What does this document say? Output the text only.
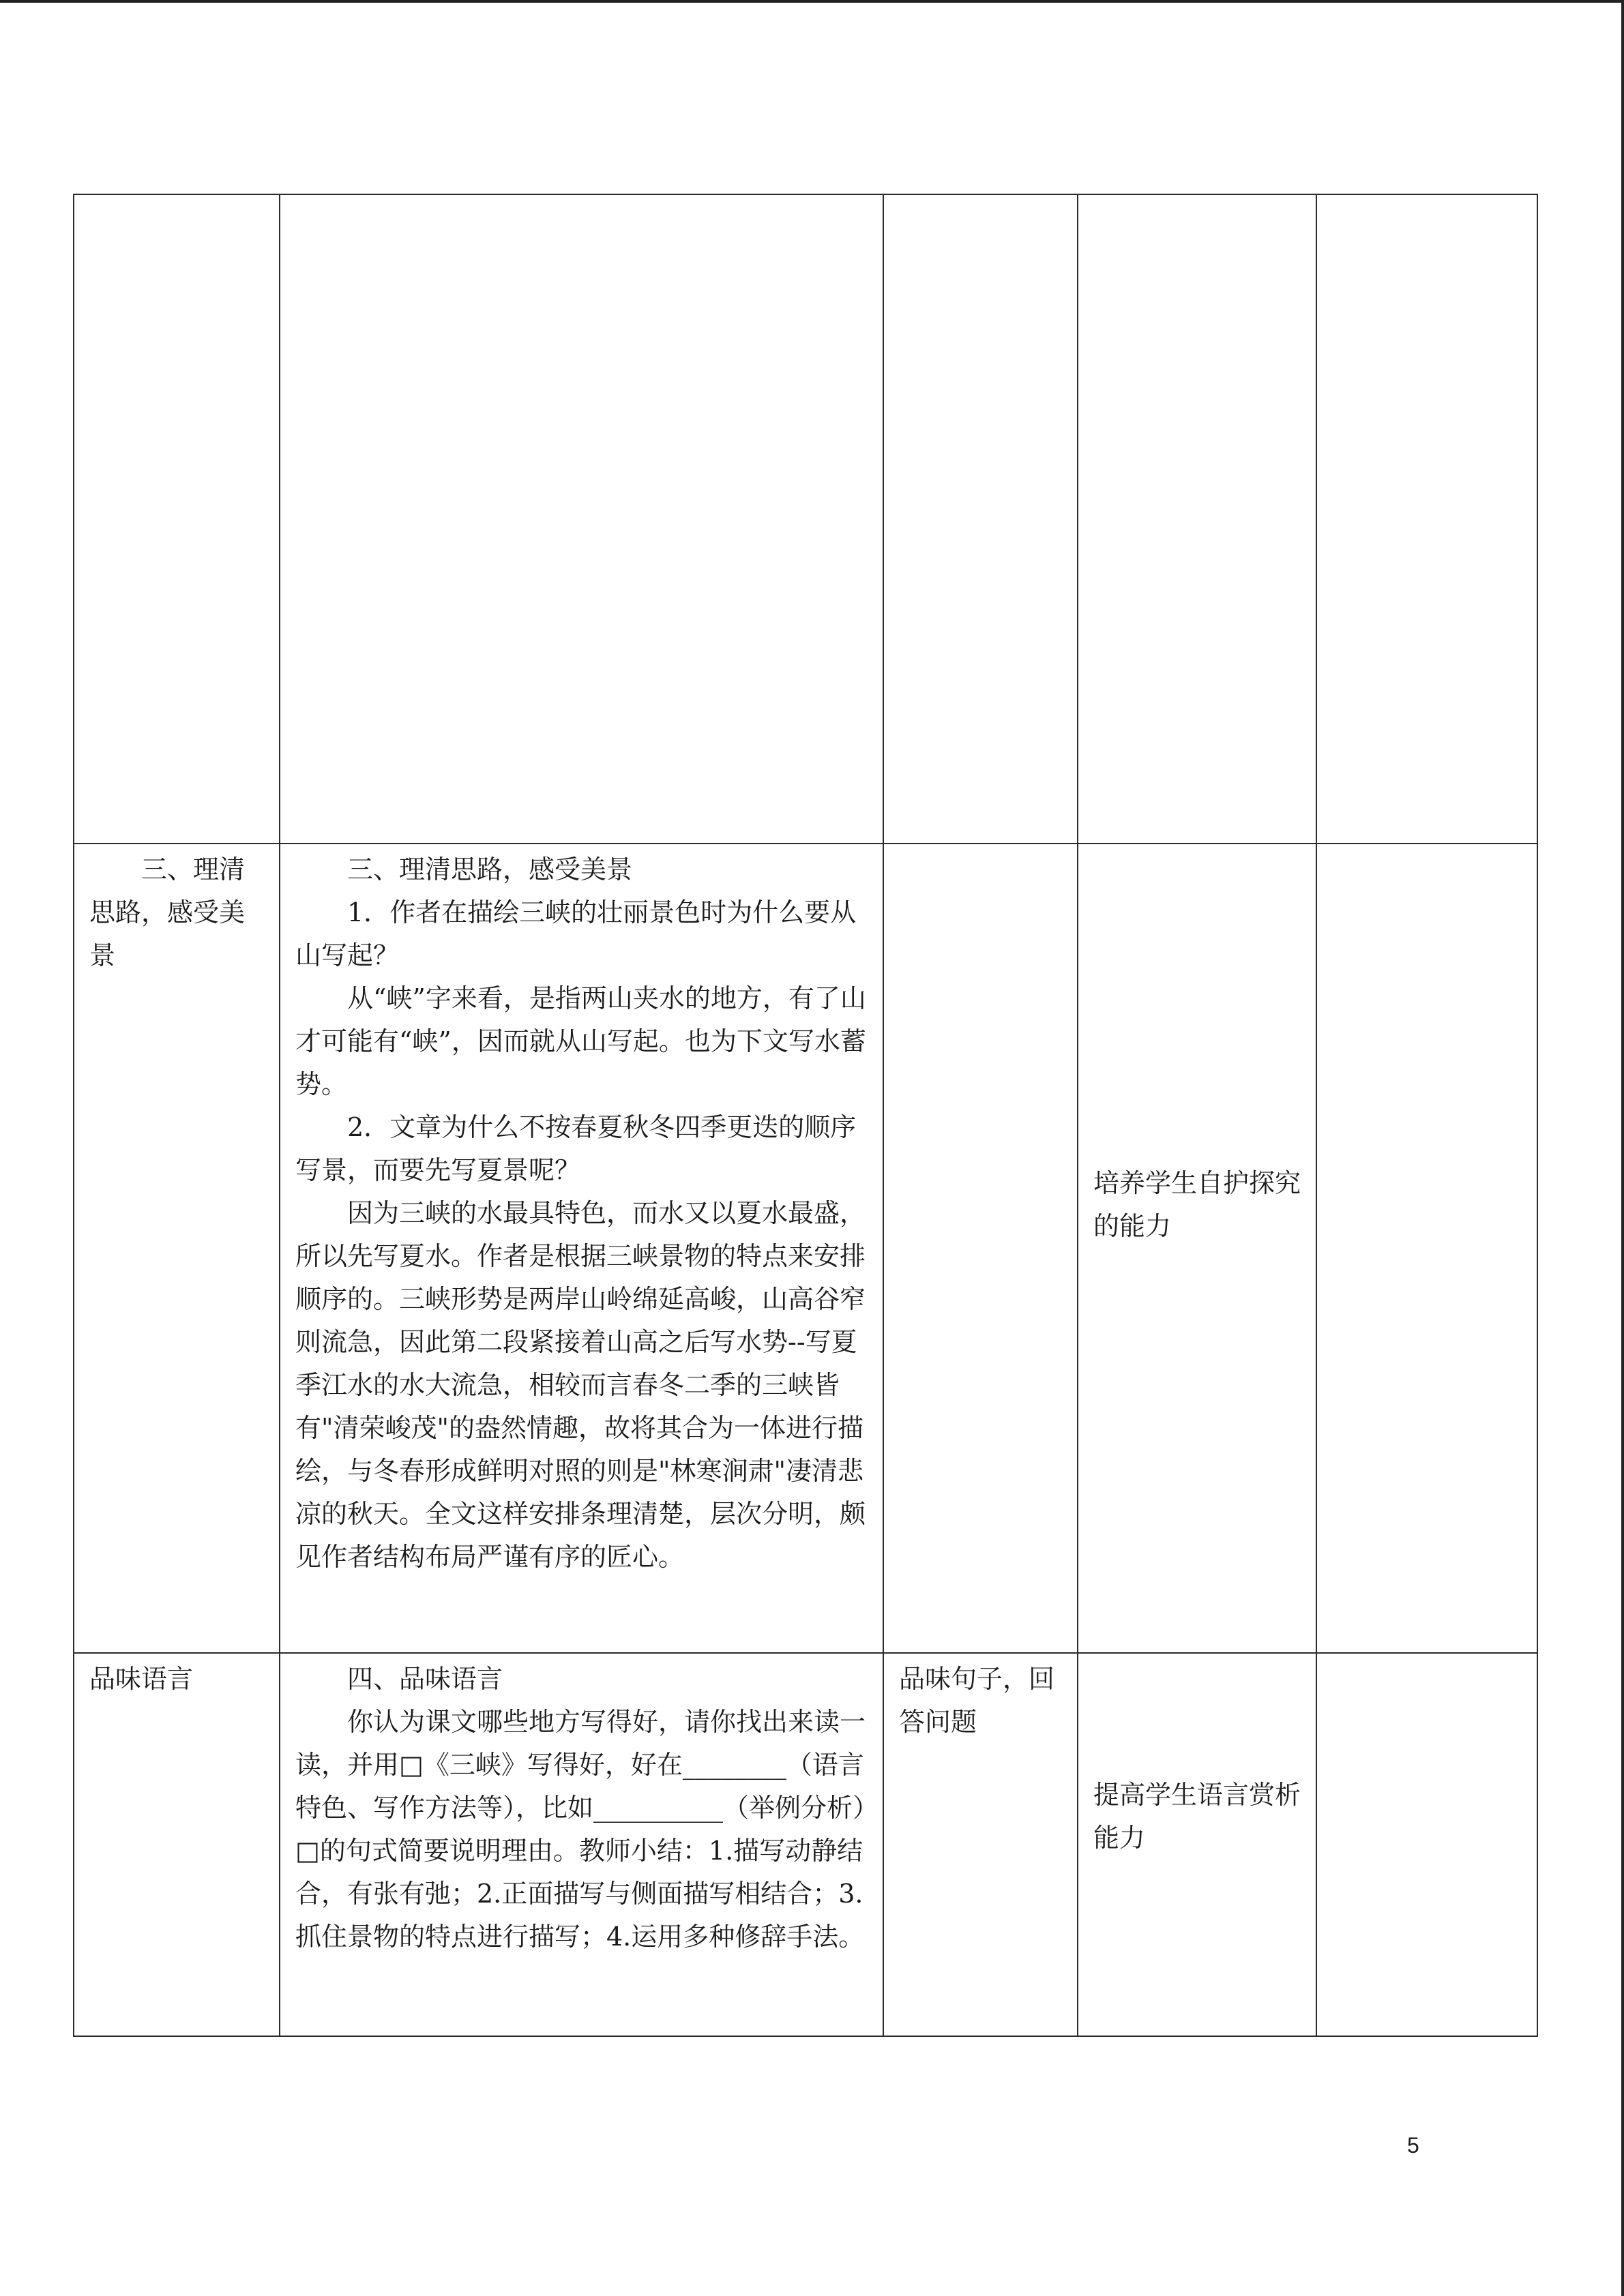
三、理清思路，感受美景	三、理清思路，感受美景

1．作者在描绘三峡的壮丽景色时为什么要从山写起？

从“峡”字来看，是指两山夹水的地方，有了山才可能有“峡”，因而就从山写起。也为下文写水蓄势。

2．文章为什么不按春夏秋冬四季更迭的顺序写景，而要先写夏景呢？

因为三峡的水最具特色，而水又以夏水最盛，所以先写夏水。作者是根据三峡景物的特点来安排顺序的。三峡形势是两岸山岭绵延高峻，山高谷窄则流急，因此第二段紧接着山高之后写水势--写夏季江水的水大流急，相较而言春冬二季的三峡皆有"清荣峻茂"的盎然情趣，故将其合为一体进行描绘，与冬春形成鲜明对照的则是"林寒涧肃"凄清悲凉的秋天。全文这样安排条理清楚，层次分明，颇见作者结构布局严谨有序的匠心。		培养学生自护探究的能力	

品味语言	四、品味语言

你认为课文哪些地方写得好，请你找出来读一读，并用□《三峡》写得好，好在________（语言特色、写作方法等），比如__________（举例分析）□的句式简要说明理由。教师小结：1.描写动静结合，有张有弛；2.正面描写与侧面描写相结合；3.抓住景物的特点进行描写；4.运用多种修辞手法。	品味句子，回答问题	提高学生语言赏析能力	

5
